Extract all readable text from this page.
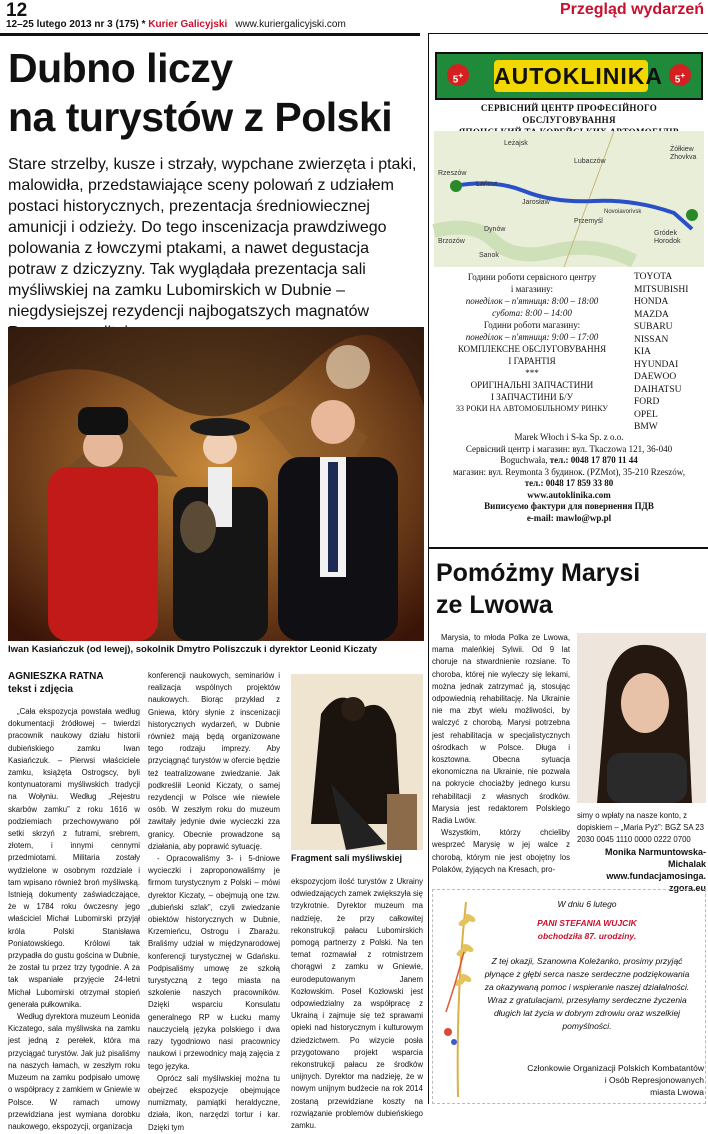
12
12–25 lutego 2013 nr 3 (175) * Kurier Galicyjski www.kuriergalicyjski.com
Przegląd wydarzeń
Dubno liczy
na turystów z Polski
Stare strzelby, kusze i strzały, wypchane zwierzęta i ptaki, malowidła, przedstawiające sceny polowań z udziałem postaci historycznych, prezentacja średniowiecznej amunicji i odzieży. Do tego inscenizacja prawdziwego polowania z łowczymi ptakami, a nawet degustacja potraw z dziczyzny. Tak wyglądała prezentacja sali myśliwskiej na zamku Lubomirskich w Dubnie – niegdysiejszej rezydencji najbogatszych magnatów
Iwan Kasiańczuk (od lewej), sokolnik Dmytro Poliszczuk i dyrektor Leonid Kiczaty
AGNIESZKA RATNA
tekst i zdjęcia

„Cała ekspozycja powstała według dokumentacji źródłowej – twierdzi pracownik naukowy działu historii dubieńskiego zamku Iwan Kasiańczuk. – Pierwsi właściciele zamku, książęta Ostrogscy, byli kontynuatorami myśliwskich tradycji na Wołyniu. Według „Rejestru skarbów zamku” z roku 1616 w podziemiach przechowywano pół setki skrzyń z futrami, srebrem, złotem, i innymi cennymi przedmiotami. Militaria zostały wydzielone w osobnym rozdziale i tam wpisano również broń myśliwską. Istnieją dokumenty zaświadczające, że w 1784 roku ówczesny jego właściciel Michał Lubomirski przyjął króla Polski Stanisława Poniatowskiego. Królowi tak przypadła do gustu gościna w Dubnie, że został tu przez trzy tygodnie. A za tak wspaniałe przyjęcie 24-letni Michał Lubomirski otrzymał stopień generała pułkownika.

Według dyrektora muzeum Leonida Kiczatego, sala myśliwska na zamku jest jedną z perełek, która ma przyciągać turystów. Jak już pisaliśmy na naszych łamach, w zeszłym roku Muzeum na zamku podpisało umowę o współpracy z zamkiem w Gniewie w Polsce. W ramach umowy przewidziana jest wymiana dorobku naukowego, ekspozycji, organizacja

konferencji naukowych, seminariów i realizacja wspólnych projektów naukowych. Biorąc przykład z Gniewa, który słynie z inscenizacji historycznych wydarzeń, w Dubnie również mają będą organizowane tego rodzaju imprezy. Aby przyciągnąć turystów w ofercie będzie też teatralizowane zwiedzanie. Jak podkreślił Leonid Kiczaty, o samej rezydencji w Polsce wie niewiele osób. W zeszłym roku do muzeum zawitały jedynie dwie wycieczki zza granicy. Obecnie prowadzone są działania, aby poprawić sytuację.

- Opracowaliśmy 3- i 5-dniowe wycieczki i zaproponowaliśmy je firmom turystycznym z Polski – mówi dyrektor Kiczaty, – obejmują one tzw. „dubieński szlak”, czyli zwiedzanie obiektów historycznych w Dubnie, Krzemieńcu, Ostrogu i Zbarażu. Braliśmy udział w międzynarodowej konferencji turystycznej w Gdańsku. Podpisaliśmy umowę ze szkołą turystyczną z tego miasta na szkolenie naszych pracowników. Dzięki wsparciu Konsulatu generalnego RP w Łucku mamy nauczycielą języka polskiego i dwa razy tygodniowo nasi pracownicy naukowi i przewodnicy mają zajęcia z tego języka.

Oprócz sali myśliwskiej można tu obejrzeć ekspozycje obejmujące numizmaty, pamiątki heraldyczne, działa, ikon, narzędzi tortur i kar. Dzięki tym

Fragment sali myśliwskiej

ekspozycjom ilość turystów z Ukrainy odwiedzających zamek zwiększyła się trzykrotnie. Dyrektor muzeum ma nadzieję, że przy całkowitej rekonstrukcji pałacu Lubomirskich pomogą partnerzy z Polski. Na ten temat rozmawiał z rotmistrzem chorągwi z zamku w Gniewie, eurodeputowanym Janem Kozłowskim. Poseł Kozłowski jest odpowiedzialny za współpracę z Ukrainą i zajmuje się też sprawami opieki nad historycznym i kulturowym dziedzictwem. Po wizycie posła przygotowano projekt wsparcia rekonstrukcji pałacu ze środków unijnych. Dyrektor ma nadzieję, że w nowym unijnym budżecie na rok 2014 zostaną przewidziane koszty na rozwiązanie problemów dubieńskiego zamku.

5+ AUTOKLINIKA	5+
СЕРВІСНИЙ ЦЕНТР ПРОФЕСІЙНОГО ОБСЛУГОВУВАННЯ
Leżajsk
Łańcut
Jarosław
Lubaczów
Żółkiew
Zhovkva
Przemyśl
Dynów
Sanok
Gródek
Horodok
Brzozów
Rzeszów
Novoiavorivsk
Години роботи сервісного центру
і магазину:
понеділок – п'ятниця: 8:00 – 18:00
субота: 8:00 – 14:00
Години роботи магазину:
понеділок – п'ятниця: 9:00 – 17:00
КОМПЛЕКСНЕ ОБСЛУГОВУВАННЯ
І ГАРАНТІЯ
***
ОРИГІНАЛЬНІ ЗАПЧАСТИНИ
І ЗАПЧАСТИНИ Б/У
33 РОКИ НА АВТОМОБІЛЬНОМУ РИНКУ
TOYOTA
MITSUBISHI
HONDA
MAZDA
SUBARU
NISSAN
KIA
HYUNDAI
DAEWOO
DAIHATSU
FORD
OPEL
BMW
Marek Włoch i S-ka Sp. z o.o.
Сервісний центр і магазин: вул. Tkaczowa 121, 36-040
Boguchwała, тел.: 0048 17 870 11 44
магазин: вул. Reymonta 3 будинок. (PZMot), 35-210 Rzeszów,
тел.: 0048 17 859 33 80
www.autoklinika.com
Виписуємо фактури для повернення ПДВ
e-mail: mawlo@wp.pl
Pomóżmy Marysi
ze Lwowa

Marysia, to młoda Polka ze Lwowa, mama maleńkiej Sylwii. Od 9 lat choruje na stwardnienie rozsiane. To choroba, której nie wyleczy się lekami, można jednak zatrzymać ją, stosując odpowiednią rehabilitację. Na Ukrainie nie ma zbyt wielu możliwości, by walczyć z chorobą. Marysi potrzebna jest rehabilitacja w specjalistycznych ośrodkach w Polsce. Długa i kosztowna. Obecna sytuacja ekonomiczna na Ukrainie, nie pozwala na pokrycie chociażby jednego kursu rehabilitacji z własnych środków. Marysia jest redaktorem Polskiego Radia Lwów.

Wszystkim, którzy chcieliby wesprzeć Marysię w jej walce z chorobą, którym nie jest obojętny los Polaków, żyjących na Kresach, pro-

simy o wpłaty na nasze konto, z dopiskiem – „Maria Pyż”: BGŻ SA 23 2030 0045 1110 0000 0222 0700
Monika Narmuntowska-
Michalak
www.fundacjamosinga.
zgora.eu
W dniu 6 lutego
PANI STEFANIA WUJCIK
obchodziła 87. urodziny.
Z tej okazji, Szanowna Koleżanko, prosimy przyjąć
płynące z głębi serca nasze serdeczne podziękowania
za okazywaną pomoc i wspieranie naszej działalności.
Wraz z gratulacjami, przesyłamy serdeczne życzenia
długich lat życia w dobrym zdrowiu oraz wszelkiej pomyślności.
Członkowie Organizacji Polskich Kombatantów
i Osób Represjonowanych
miasta Lwowa
